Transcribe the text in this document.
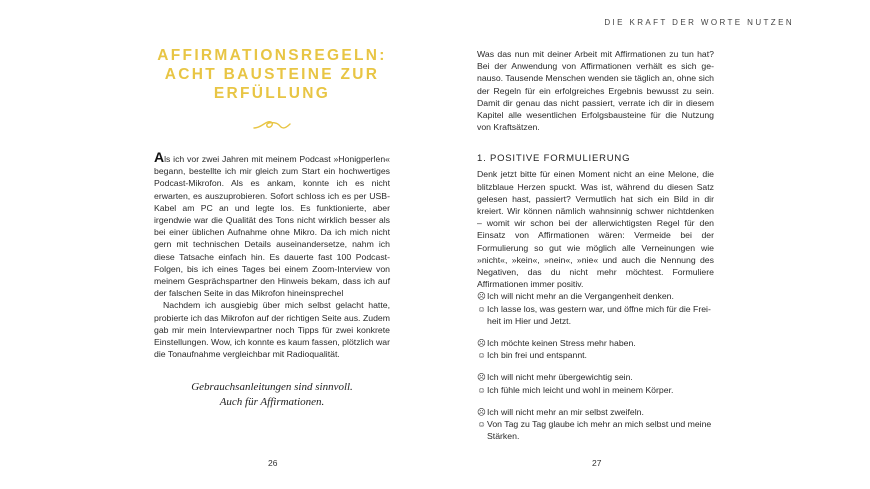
DIE KRAFT DER WORTE NUTZEN
AFFIRMATIONSREGELN:
ACHT BAUSTEINE ZUR
ERFÜLLUNG

Als ich vor zwei Jahren mit meinem Podcast »Honigperlen« begann, bestellte ich mir gleich zum Start ein hochwertiges Podcast-Mikrofon. Als es ankam, konnte ich es nicht erwarten, es auszuprobieren. Sofort schloss ich es per USB-Kabel am PC an und legte los. Es funktionierte, aber irgendwie war die Qualität des Tons nicht wirklich besser als bei einer üblichen Aufnahme ohne Mikro. Da ich mich nicht gern mit technischen Details auseinandersetze, nahm ich diese Tatsache einfach hin. Es dauerte fast 100 Podcast-Folgen, bis ich eines Tages bei einem Zoom-Interview von meinem Gesprächspartner den Hinweis bekam, dass ich auf der falschen Seite in das Mikrofon hineinsprechel

Nachdem ich ausgiebig über mich selbst gelacht hatte, probierte ich das Mikrofon auf der richtigen Seite aus. Zudem gab mir mein Interviewpartner noch Tipps für zwei konkrete Einstellungen. Wow, ich konnte es kaum fassen, plötzlich war die Tonaufnahme vergleichbar mit Radioqualität.

Gebrauchsanleitungen sind sinnvoll.
Auch für Affirmationen.
26

Was das nun mit deiner Arbeit mit Affirmationen zu tun hat? Bei der Anwendung von Affirmationen verhält es sich genauso. Tausende Menschen wenden sie täglich an, ohne sich der Regeln für ein erfolgreiches Ergebnis bewusst zu sein. Damit dir genau das nicht passiert, verrate ich dir in diesem Kapitel alle wesentlichen Erfolgsbausteine für die Nutzung von Kraftsätzen.

1. POSITIVE FORMULIERUNG

Denk jetzt bitte für einen Moment nicht an eine Melone, die blitzblaue Herzen spuckt. Was ist, während du diesen Satz gelesen hast, passiert? Vermutlich hat sich ein Bild in dir kreiert. Wir können nämlich wahnsinnig schwer nichtdenken – womit wir schon bei der allerwichtigsten Regel für den Einsatz von Affirmationen wären: Vermeide bei der Formulierung so gut wie möglich alle Verneinungen wie »nicht«, »kein«, »nein«, »nie« und auch die Nennung des Negativen, das du nicht mehr möchtest. Formuliere Affirmationen immer positiv.

☹ Ich will nicht mehr an die Vergangenheit denken.
☺ Ich lasse los, was gestern war, und öffne mich für die Freiheit im Hier und Jetzt.
☹ Ich möchte keinen Stress mehr haben.
☺ Ich bin frei und entspannt.
☹ Ich will nicht mehr übergewichtig sein.
☺ Ich fühle mich leicht und wohl in meinem Körper.
☹ Ich will nicht mehr an mir selbst zweifeln.
☺ Von Tag zu Tag glaube ich mehr an mich selbst und meine Stärken.
27
